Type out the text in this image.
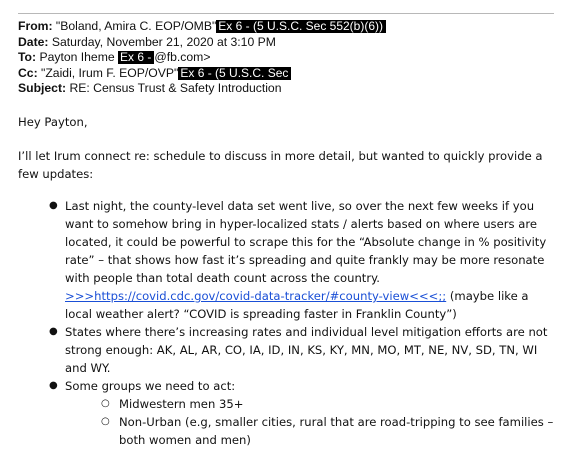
From: "Boland, Amira C. EOP/OMB" Ex 6 - (5 U.S.C. Sec 552(b)(6))
Date: Saturday, November 21, 2020 at 3:10 PM
To: Payton Iheme Ex 6 - @fb.com>
Cc: "Zaidi, Irum F. EOP/OVP" Ex 6 - (5 U.S.C. Sec
Subject: RE: Census Trust & Safety Introduction
Hey Payton,
I’ll let Irum connect re: schedule to discuss in more detail, but wanted to quickly provide a few updates:
● Last night, the county-level data set went live, so over the next few weeks if you want to somehow bring in hyper-localized stats / alerts based on where users are located, it could be powerful to scrape this for the “Absolute change in % positivity rate” – that shows how fast it’s spreading and quite frankly may be more resonate with people than total death count across the country. >>>https://covid.cdc.gov/covid-data-tracker/#county-view<<<;; (maybe like a local weather alert? “COVID is spreading faster in Franklin County”)
● States where there’s increasing rates and individual level mitigation efforts are not strong enough: AK, AL, AR, CO, IA, ID, IN, KS, KY, MN, MO, MT, NE, NV, SD, TN, WI and WY.
● Some groups we need to act:
○ Midwestern men 35+
○ Non-Urban (e.g, smaller cities, rural that are road-tripping to see families – both women and men)
